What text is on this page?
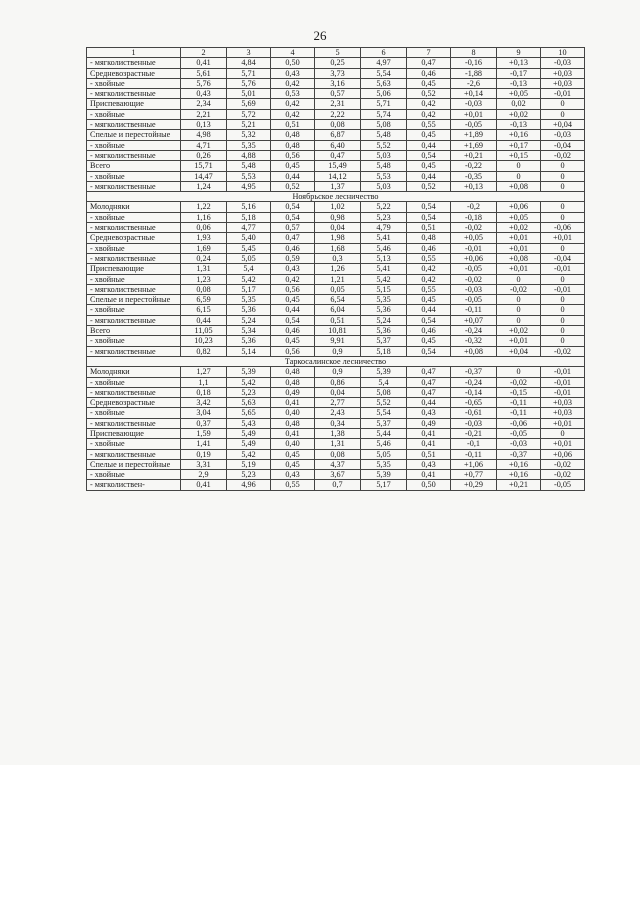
26
1	2	3	4	5	6	7	8	9	10
- мягколиственные	0,41	4,84	0,50	0,25	4,97	0,47	-0,16	+0,13	-0,03
Средневозрастные	5,61	5,71	0,43	3,73	5,54	0,46	-1,88	-0,17	+0,03
- хвойные	5,76	5,76	0,42	3,16	5,63	0,45	-2,6	-0,13	+0,03
- мягколиственные	0,43	5,01	0,53	0,57	5,06	0,52	+0,14	+0,05	-0,01
Приспевающие	2,34	5,69	0,42	2,31	5,71	0,42	-0,03	0,02	0
- хвойные	2,21	5,72	0,42	2,22	5,74	0,42	+0,01	+0,02	0
- мягколиственные	0,13	5,21	0,51	0,08	5,08	0,55	-0,05	-0,13	+0,04
Спелые и перестойные	4,98	5,32	0,48	6,87	5,48	0,45	+1,89	+0,16	-0,03
- хвойные	4,71	5,35	0,48	6,40	5,52	0,44	+1,69	+0,17	-0,04
- мягколиственные	0,26	4,88	0,56	0,47	5,03	0,54	+0,21	+0,15	-0,02
Всего	15,71	5,48	0,45	15,49	5,48	0,45	-0,22	0	0
- хвойные	14,47	5,53	0,44	14,12	5,53	0,44	-0,35	0	0
- мягколиственные	1,24	4,95	0,52	1,37	5,03	0,52	+0,13	+0,08	0
Ноябрьское лесничество									
Молодняки	1,22	5,16	0,54	1,02	5,22	0,54	-0,2	+0,06	0
- хвойные	1,16	5,18	0,54	0,98	5,23	0,54	-0,18	+0,05	0
- мягколиственные	0,06	4,77	0,57	0,04	4,79	0,51	-0,02	+0,02	-0,06
Средневозрастные	1,93	5,40	0,47	1,98	5,41	0,48	+0,05	+0,01	+0,01
- хвойные	1,69	5,45	0,46	1,68	5,46	0,46	-0,01	+0,01	0
- мягколиственные	0,24	5,05	0,59	0,3	5,13	0,55	+0,06	+0,08	-0,04
Приспевающие	1,31	5,4	0,43	1,26	5,41	0,42	-0,05	+0,01	-0,01
- хвойные	1,23	5,42	0,42	1,21	5,42	0,42	-0,02	0	0
- мягколиственные	0,08	5,17	0,56	0,05	5,15	0,55	-0,03	-0,02	-0,01
Спелые и перестойные	6,59	5,35	0,45	6,54	5,35	0,45	-0,05	0	0
- хвойные	6,15	5,36	0,44	6,04	5,36	0,44	-0,11	0	0
- мягколиственные	0,44	5,24	0,54	0,51	5,24	0,54	+0,07	0	0
Всего	11,05	5,34	0,46	10,81	5,36	0,46	-0,24	+0,02	0
- хвойные	10,23	5,36	0,45	9,91	5,37	0,45	-0,32	+0,01	0
- мягколиственные	0,82	5,14	0,56	0,9	5,18	0,54	+0,08	+0,04	-0,02
Таркосалинское лесничество									
Молодняки	1,27	5,39	0,48	0,9	5,39	0,47	-0,37	0	-0,01
- хвойные	1,1	5,42	0,48	0,86	5,4	0,47	-0,24	-0,02	-0,01
- мягколиственные	0,18	5,23	0,49	0,04	5,08	0,47	-0,14	-0,15	-0,01
Средневозрастные	3,42	5,63	0,41	2,77	5,52	0,44	-0,65	-0,11	+0,03
- хвойные	3,04	5,65	0,40	2,43	5,54	0,43	-0,61	-0,11	+0,03
- мягколиственные	0,37	5,43	0,48	0,34	5,37	0,49	-0,03	-0,06	+0,01
Приспевающие	1,59	5,49	0,41	1,38	5,44	0,41	-0,21	-0,05	0
- хвойные	1,41	5,49	0,40	1,31	5,46	0,41	-0,1	-0,03	+0,01
- мягколиственные	0,19	5,42	0,45	0,08	5,05	0,51	-0,11	-0,37	+0,06
Спелые и перестойные	3,31	5,19	0,45	4,37	5,35	0,43	+1,06	+0,16	-0,02
- хвойные	2,9	5,23	0,43	3,67	5,39	0,41	+0,77	+0,16	-0,02
- мягколиствен-	0,41	4,96	0,55	0,7	5,17	0,50	+0,29	+0,21	-0,05
